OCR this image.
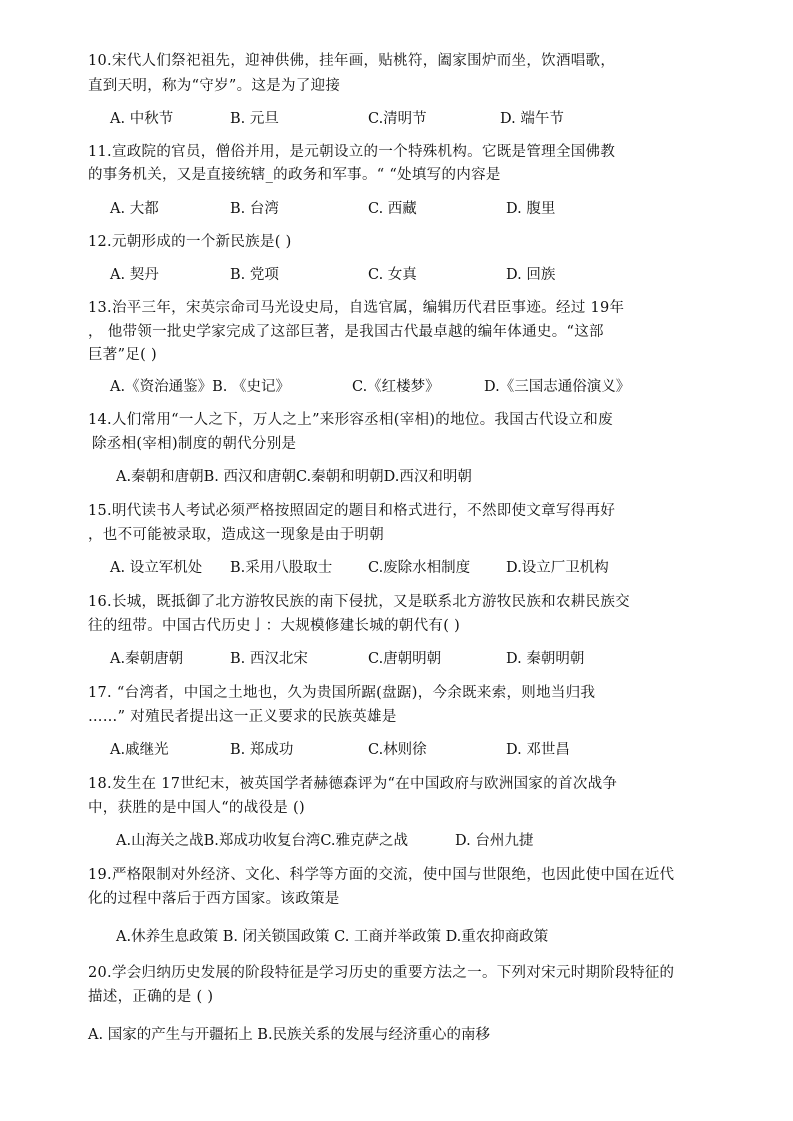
10.宋代人们祭祀祖先，迎神供佛，挂年画，贴桃符，阖家围炉而坐，饮酒唱歌，
直到天明，称为“守岁”。这是为了迎接
A. 中秋节	B. 元旦	C.清明节	D. 端午节
11.宣政院的官员，僧俗并用，是元朝设立的一个特殊机构。它既是管理全国佛教
的事务机关，又是直接统辖_的政务和军事。“ “处填写的内容是
A. 大都	B. 台湾	C. 西藏	D. 腹里
12.元朝形成的一个新民族是( )
A. 契丹	B. 党项	C. 女真	D. 回族
13.治平三年，宋英宗命司马光设史局，自选官属，编辑历代君臣事迹。经过 19年
， 他带领一批史学家完成了这部巨著，是我国古代最卓越的编年体通史。“这部
巨著”足( )
A.《资治通鉴》B. 《史记》	C.《红楼梦》	D.《三国志通俗演义》
14.人们常用“一人之下，万人之上”来形容丞相(宰相)的地位。我国古代设立和废
除丞相(宰相)制度的朝代分别是
A.秦朝和唐朝B. 西汉和唐朝C.秦朝和明朝D.西汉和明朝
15.明代读书人考试必须严格按照固定的题目和格式进行，不然即使文章写得再好
，也不可能被录取，造成这一现象是由于明朝
A. 设立军机处 B.采用八股取士 C.废除水相制度 D.设立厂卫机构
16.长城，既抵御了北方游牧民族的南下侵扰，又是联系北方游牧民族和农耕民族交
往的纽带。中国古代历史亅：大规模修建长城的朝代有( )
A.秦朝唐朝	B. 西汉北宋	C.唐朝明朝	D. 秦朝明朝
17. “台湾者，中国之土地也，久为贵国所踞(盘踞)，今余既来索，则地当归我
……” 对殖民者提出这一正义要求的民族英雄是
A.戚继光	B. 郑成功	C.林则徐	D. 邓世昌
18.发生在 17世纪末，被英国学者赫德森评为“在中国政府与欧洲国家的首次战争
中，获胜的是中国人“的战役是 ()
A.山海关之战B.郑成功收复台湾C.雅克萨之战	D. 台州九捷
19.严格限制对外经济、文化、科学等方面的交流，使中国与世限绝，也因此使中国在近代
化的过程中落后于西方国家。该政策是
A.休养生息政策 B. 闭关锁国政策 C. 工商并举政策 D.重农抑商政策
20.学会归纳历史发展的阶段特征是学习历史的重要方法之一。下列对宋元时期阶段特征的
描述，正确的是 ( )
A. 国家的产生与开疆拓上 B.民族关系的发展与经济重心的南移
